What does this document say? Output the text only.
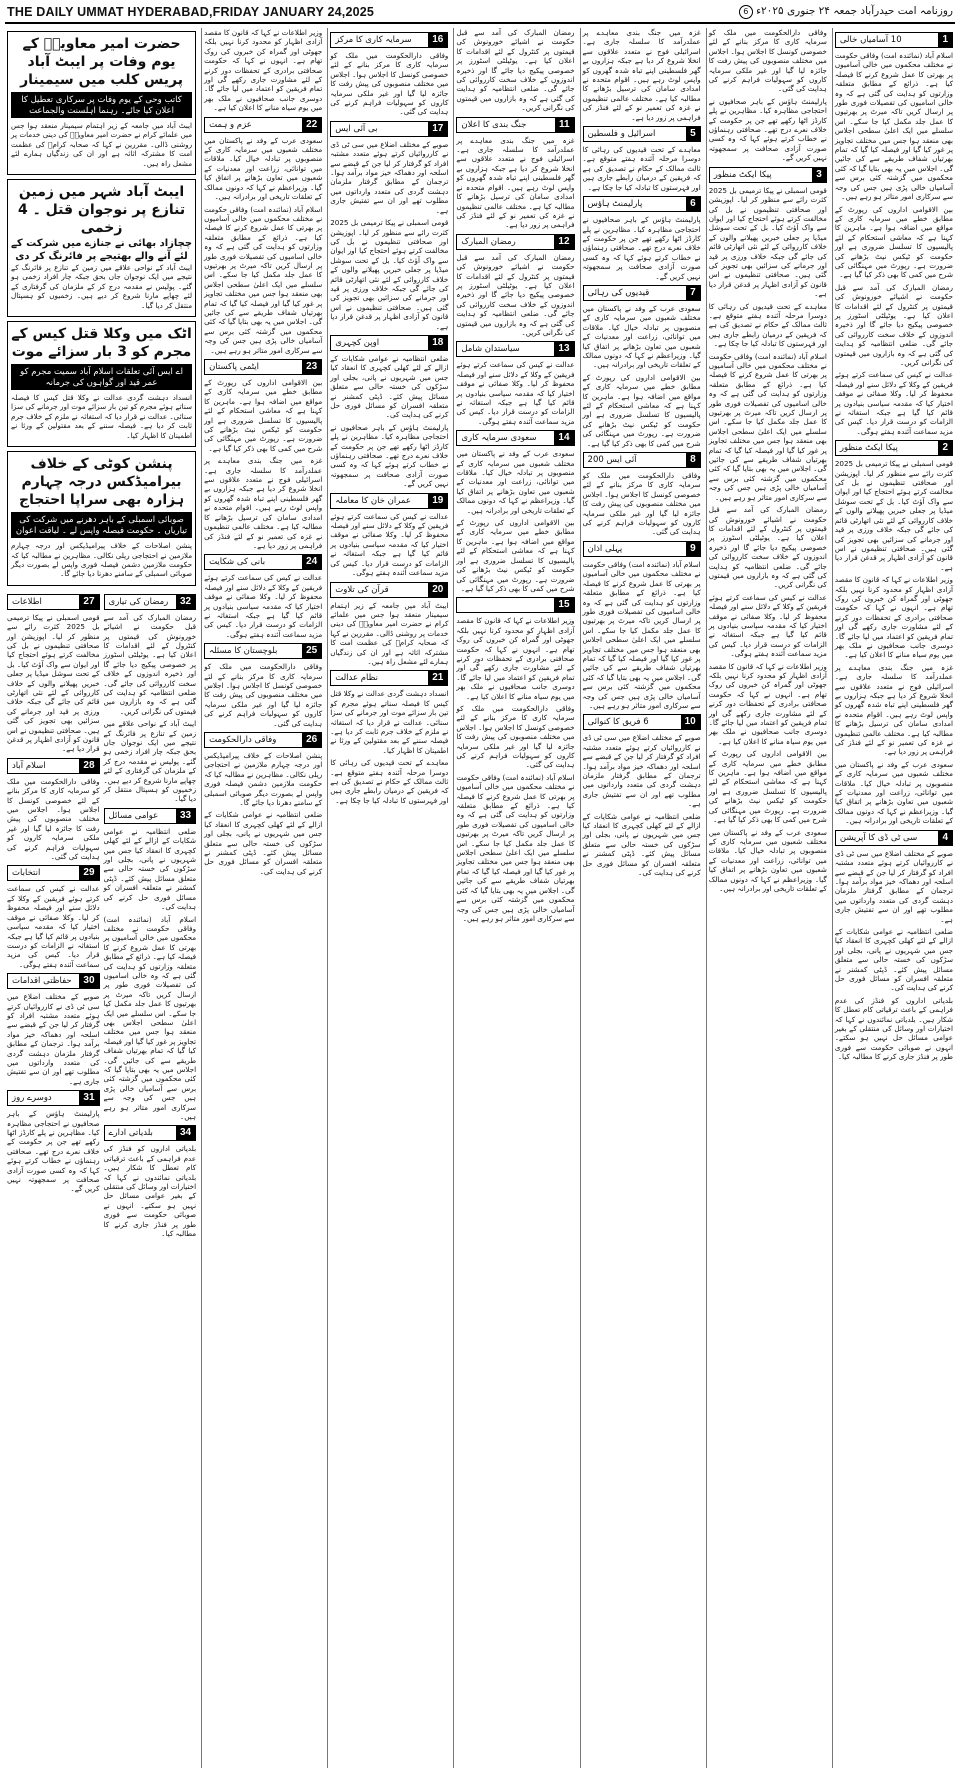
THE DAILY UMMAT HYDERABAD,FRIDAY JANUARY 24,2025	روزنامہ امت حیدرآباد جمعہ ۲۴ جنوری ۲۰۲۵ء 6
1
10 آسامیاں خالی

اسلام آباد (نمائندہ امت) وفاقی حکومت نے مختلف محکموں میں خالی آسامیوں پر بھرتی کا عمل شروع کرنے کا فیصلہ کیا ہے۔ ذرائع کے مطابق متعلقہ وزارتوں کو ہدایت کی گئی ہے کہ وہ خالی اسامیوں کی تفصیلات فوری طور پر ارسال کریں تاکہ میرٹ پر بھرتیوں کا عمل جلد مکمل کیا جا سکے۔ اس سلسلے میں ایک اعلیٰ سطحی اجلاس بھی منعقد ہوا جس میں مختلف تجاویز پر غور کیا گیا اور فیصلہ کیا گیا کہ تمام بھرتیاں شفاف طریقے سے کی جائیں گی۔ اجلاس میں یہ بھی بتایا گیا کہ کئی محکموں میں گزشتہ کئی برس سے آسامیاں خالی پڑی ہیں جس کی وجہ سے سرکاری امور متاثر ہو رہے ہیں۔

بین الاقوامی اداروں کی رپورٹ کے مطابق خطے میں سرمایہ کاری کے مواقع میں اضافہ ہوا ہے۔ ماہرین کا کہنا ہے کہ معاشی استحکام کے لئے پالیسیوں کا تسلسل ضروری ہے اور حکومت کو ٹیکس نیٹ بڑھانے کی ضرورت ہے۔ رپورٹ میں مہنگائی کی شرح میں کمی کا بھی ذکر کیا گیا ہے۔

رمضان المبارک کی آمد سے قبل حکومت نے اشیائے خورونوش کی قیمتوں پر کنٹرول کے لئے اقدامات کا اعلان کیا ہے۔ یوٹیلٹی اسٹورز پر خصوصی پیکیج دیا جائے گا اور ذخیرہ اندوزوں کے خلاف سخت کارروائی کی جائے گی۔ ضلعی انتظامیہ کو ہدایت کی گئی ہے کہ وہ بازاروں میں قیمتوں کی نگرانی کریں۔

عدالت نے کیس کی سماعت کرتے ہوئے فریقین کے وکلا کے دلائل سنے اور فیصلہ محفوظ کر لیا۔ وکلا صفائی نے موقف اختیار کیا کہ مقدمہ سیاسی بنیادوں پر قائم کیا گیا ہے جبکہ استغاثہ نے الزامات کو درست قرار دیا۔ کیس کی مزید سماعت آئندہ ہفتے ہوگی۔

2
پیکا ایکٹ منظور

قومی اسمبلی نے پیکا ترمیمی بل 2025 کثرت رائے سے منظور کر لیا۔ اپوزیشن اور صحافتی تنظیموں نے بل کی مخالفت کرتے ہوئے احتجاج کیا اور ایوان سے واک آؤٹ کیا۔ بل کے تحت سوشل میڈیا پر جعلی خبریں پھیلانے والوں کے خلاف کارروائی کے لئے نئی اتھارٹی قائم کی جائے گی جبکہ خلاف ورزی پر قید اور جرمانے کی سزائیں بھی تجویز کی گئی ہیں۔ صحافتی تنظیموں نے اس قانون کو آزادی اظہار پر قدغن قرار دیا ہے۔

وزیر اطلاعات نے کہا کہ قانون کا مقصد آزادی اظہار کو محدود کرنا نہیں بلکہ جھوٹی اور گمراہ کن خبروں کی روک تھام ہے۔ انہوں نے کہا کہ حکومت صحافتی برادری کے تحفظات دور کرنے کے لئے مشاورت جاری رکھے گی اور تمام فریقین کو اعتماد میں لیا جائے گا۔ دوسری جانب صحافیوں نے ملک بھر میں یوم سیاہ منانے کا اعلان کیا ہے۔

غزہ میں جنگ بندی معاہدے پر عملدرآمد کا سلسلہ جاری ہے۔ اسرائیلی فوج نے متعدد علاقوں سے انخلا شروع کر دیا ہے جبکہ ہزاروں بے گھر فلسطینی اپنے تباہ شدہ گھروں کو واپس لوٹ رہے ہیں۔ اقوام متحدہ نے امدادی سامان کی ترسیل بڑھانے کا مطالبہ کیا ہے۔ مختلف عالمی تنظیموں نے غزہ کی تعمیر نو کے لئے فنڈز کی فراہمی پر زور دیا ہے۔

سعودی عرب کے وفد نے پاکستان میں مختلف شعبوں میں سرمایہ کاری کے منصوبوں پر تبادلہ خیال کیا۔ ملاقات میں توانائی، زراعت اور معدنیات کے شعبوں میں تعاون بڑھانے پر اتفاق کیا گیا۔ وزیراعظم نے کہا کہ دونوں ممالک کے تعلقات تاریخی اور برادرانہ ہیں۔

4
سی ٹی ڈی کا آپریشن

صوبے کے مختلف اضلاع میں سی ٹی ڈی نے کارروائیاں کرتے ہوئے متعدد مشتبہ افراد کو گرفتار کر لیا جن کے قبضے سے اسلحہ اور دھماکہ خیز مواد برآمد ہوا۔ ترجمان کے مطابق گرفتار ملزمان دہشت گردی کی متعدد وارداتوں میں مطلوب تھے اور ان سے تفتیش جاری ہے۔

ضلعی انتظامیہ نے عوامی شکایات کے ازالے کے لئے کھلی کچہری کا انعقاد کیا جس میں شہریوں نے پانی، بجلی اور سڑکوں کی خستہ حالی سے متعلق مسائل پیش کئے۔ ڈپٹی کمشنر نے متعلقہ افسران کو مسائل فوری حل کرنے کی ہدایت کی۔

بلدیاتی اداروں کو فنڈز کی عدم فراہمی کے باعث ترقیاتی کام تعطل کا شکار ہیں۔ بلدیاتی نمائندوں نے کہا کہ اختیارات اور وسائل کی منتقلی کے بغیر عوامی مسائل حل نہیں ہو سکتے۔ انہوں نے صوبائی حکومت سے فوری طور پر فنڈز جاری کرنے کا مطالبہ کیا۔

وفاقی دارالحکومت میں ملک کو سرمایہ کاری کا مرکز بنانے کے لئے خصوصی کونسل کا اجلاس ہوا۔ اجلاس میں مختلف منصوبوں کی پیش رفت کا جائزہ لیا گیا اور غیر ملکی سرمایہ کاروں کو سہولیات فراہم کرنے کی ہدایت کی گئی۔

پارلیمنٹ ہاؤس کے باہر صحافیوں نے احتجاجی مظاہرہ کیا۔ مظاہرین نے پلے کارڈز اٹھا رکھے تھے جن پر حکومت کے خلاف نعرے درج تھے۔ صحافتی رہنماؤں نے خطاب کرتے ہوئے کہا کہ وہ کسی صورت آزادی صحافت پر سمجھوتہ نہیں کریں گے۔

3
پیکا ایکٹ منظور

قومی اسمبلی نے پیکا ترمیمی بل 2025 کثرت رائے سے منظور کر لیا۔ اپوزیشن اور صحافتی تنظیموں نے بل کی مخالفت کرتے ہوئے احتجاج کیا اور ایوان سے واک آؤٹ کیا۔ بل کے تحت سوشل میڈیا پر جعلی خبریں پھیلانے والوں کے خلاف کارروائی کے لئے نئی اتھارٹی قائم کی جائے گی جبکہ خلاف ورزی پر قید اور جرمانے کی سزائیں بھی تجویز کی گئی ہیں۔ صحافتی تنظیموں نے اس قانون کو آزادی اظہار پر قدغن قرار دیا ہے۔

معاہدے کے تحت قیدیوں کی رہائی کا دوسرا مرحلہ آئندہ ہفتے متوقع ہے۔ ثالث ممالک کے حکام نے تصدیق کی ہے کہ فریقین کے درمیان رابطے جاری ہیں اور فہرستوں کا تبادلہ کیا جا چکا ہے۔

اسلام آباد (نمائندہ امت) وفاقی حکومت نے مختلف محکموں میں خالی آسامیوں پر بھرتی کا عمل شروع کرنے کا فیصلہ کیا ہے۔ ذرائع کے مطابق متعلقہ وزارتوں کو ہدایت کی گئی ہے کہ وہ خالی اسامیوں کی تفصیلات فوری طور پر ارسال کریں تاکہ میرٹ پر بھرتیوں کا عمل جلد مکمل کیا جا سکے۔ اس سلسلے میں ایک اعلیٰ سطحی اجلاس بھی منعقد ہوا جس میں مختلف تجاویز پر غور کیا گیا اور فیصلہ کیا گیا کہ تمام بھرتیاں شفاف طریقے سے کی جائیں گی۔ اجلاس میں یہ بھی بتایا گیا کہ کئی محکموں میں گزشتہ کئی برس سے آسامیاں خالی پڑی ہیں جس کی وجہ سے سرکاری امور متاثر ہو رہے ہیں۔

رمضان المبارک کی آمد سے قبل حکومت نے اشیائے خورونوش کی قیمتوں پر کنٹرول کے لئے اقدامات کا اعلان کیا ہے۔ یوٹیلٹی اسٹورز پر خصوصی پیکیج دیا جائے گا اور ذخیرہ اندوزوں کے خلاف سخت کارروائی کی جائے گی۔ ضلعی انتظامیہ کو ہدایت کی گئی ہے کہ وہ بازاروں میں قیمتوں کی نگرانی کریں۔

عدالت نے کیس کی سماعت کرتے ہوئے فریقین کے وکلا کے دلائل سنے اور فیصلہ محفوظ کر لیا۔ وکلا صفائی نے موقف اختیار کیا کہ مقدمہ سیاسی بنیادوں پر قائم کیا گیا ہے جبکہ استغاثہ نے الزامات کو درست قرار دیا۔ کیس کی مزید سماعت آئندہ ہفتے ہوگی۔

وزیر اطلاعات نے کہا کہ قانون کا مقصد آزادی اظہار کو محدود کرنا نہیں بلکہ جھوٹی اور گمراہ کن خبروں کی روک تھام ہے۔ انہوں نے کہا کہ حکومت صحافتی برادری کے تحفظات دور کرنے کے لئے مشاورت جاری رکھے گی اور تمام فریقین کو اعتماد میں لیا جائے گا۔ دوسری جانب صحافیوں نے ملک بھر میں یوم سیاہ منانے کا اعلان کیا ہے۔

بین الاقوامی اداروں کی رپورٹ کے مطابق خطے میں سرمایہ کاری کے مواقع میں اضافہ ہوا ہے۔ ماہرین کا کہنا ہے کہ معاشی استحکام کے لئے پالیسیوں کا تسلسل ضروری ہے اور حکومت کو ٹیکس نیٹ بڑھانے کی ضرورت ہے۔ رپورٹ میں مہنگائی کی شرح میں کمی کا بھی ذکر کیا گیا ہے۔

سعودی عرب کے وفد نے پاکستان میں مختلف شعبوں میں سرمایہ کاری کے منصوبوں پر تبادلہ خیال کیا۔ ملاقات میں توانائی، زراعت اور معدنیات کے شعبوں میں تعاون بڑھانے پر اتفاق کیا گیا۔ وزیراعظم نے کہا کہ دونوں ممالک کے تعلقات تاریخی اور برادرانہ ہیں۔

غزہ میں جنگ بندی معاہدے پر عملدرآمد کا سلسلہ جاری ہے۔ اسرائیلی فوج نے متعدد علاقوں سے انخلا شروع کر دیا ہے جبکہ ہزاروں بے گھر فلسطینی اپنے تباہ شدہ گھروں کو واپس لوٹ رہے ہیں۔ اقوام متحدہ نے امدادی سامان کی ترسیل بڑھانے کا مطالبہ کیا ہے۔ مختلف عالمی تنظیموں نے غزہ کی تعمیر نو کے لئے فنڈز کی فراہمی پر زور دیا ہے۔

5
اسرائیل و فلسطین

معاہدے کے تحت قیدیوں کی رہائی کا دوسرا مرحلہ آئندہ ہفتے متوقع ہے۔ ثالث ممالک کے حکام نے تصدیق کی ہے کہ فریقین کے درمیان رابطے جاری ہیں اور فہرستوں کا تبادلہ کیا جا چکا ہے۔

6
پارلیمنٹ ہاؤس

پارلیمنٹ ہاؤس کے باہر صحافیوں نے احتجاجی مظاہرہ کیا۔ مظاہرین نے پلے کارڈز اٹھا رکھے تھے جن پر حکومت کے خلاف نعرے درج تھے۔ صحافتی رہنماؤں نے خطاب کرتے ہوئے کہا کہ وہ کسی صورت آزادی صحافت پر سمجھوتہ نہیں کریں گے۔

7
قیدیوں کی رہائی

سعودی عرب کے وفد نے پاکستان میں مختلف شعبوں میں سرمایہ کاری کے منصوبوں پر تبادلہ خیال کیا۔ ملاقات میں توانائی، زراعت اور معدنیات کے شعبوں میں تعاون بڑھانے پر اتفاق کیا گیا۔ وزیراعظم نے کہا کہ دونوں ممالک کے تعلقات تاریخی اور برادرانہ ہیں۔

بین الاقوامی اداروں کی رپورٹ کے مطابق خطے میں سرمایہ کاری کے مواقع میں اضافہ ہوا ہے۔ ماہرین کا کہنا ہے کہ معاشی استحکام کے لئے پالیسیوں کا تسلسل ضروری ہے اور حکومت کو ٹیکس نیٹ بڑھانے کی ضرورت ہے۔ رپورٹ میں مہنگائی کی شرح میں کمی کا بھی ذکر کیا گیا ہے۔

8
آئی ایس 200

وفاقی دارالحکومت میں ملک کو سرمایہ کاری کا مرکز بنانے کے لئے خصوصی کونسل کا اجلاس ہوا۔ اجلاس میں مختلف منصوبوں کی پیش رفت کا جائزہ لیا گیا اور غیر ملکی سرمایہ کاروں کو سہولیات فراہم کرنے کی ہدایت کی گئی۔

9
پہلی اذان

اسلام آباد (نمائندہ امت) وفاقی حکومت نے مختلف محکموں میں خالی آسامیوں پر بھرتی کا عمل شروع کرنے کا فیصلہ کیا ہے۔ ذرائع کے مطابق متعلقہ وزارتوں کو ہدایت کی گئی ہے کہ وہ خالی اسامیوں کی تفصیلات فوری طور پر ارسال کریں تاکہ میرٹ پر بھرتیوں کا عمل جلد مکمل کیا جا سکے۔ اس سلسلے میں ایک اعلیٰ سطحی اجلاس بھی منعقد ہوا جس میں مختلف تجاویز پر غور کیا گیا اور فیصلہ کیا گیا کہ تمام بھرتیاں شفاف طریقے سے کی جائیں گی۔ اجلاس میں یہ بھی بتایا گیا کہ کئی محکموں میں گزشتہ کئی برس سے آسامیاں خالی پڑی ہیں جس کی وجہ سے سرکاری امور متاثر ہو رہے ہیں۔

10
6 فریق کا کنوائی

صوبے کے مختلف اضلاع میں سی ٹی ڈی نے کارروائیاں کرتے ہوئے متعدد مشتبہ افراد کو گرفتار کر لیا جن کے قبضے سے اسلحہ اور دھماکہ خیز مواد برآمد ہوا۔ ترجمان کے مطابق گرفتار ملزمان دہشت گردی کی متعدد وارداتوں میں مطلوب تھے اور ان سے تفتیش جاری ہے۔

ضلعی انتظامیہ نے عوامی شکایات کے ازالے کے لئے کھلی کچہری کا انعقاد کیا جس میں شہریوں نے پانی، بجلی اور سڑکوں کی خستہ حالی سے متعلق مسائل پیش کئے۔ ڈپٹی کمشنر نے متعلقہ افسران کو مسائل فوری حل کرنے کی ہدایت کی۔

رمضان المبارک کی آمد سے قبل حکومت نے اشیائے خورونوش کی قیمتوں پر کنٹرول کے لئے اقدامات کا اعلان کیا ہے۔ یوٹیلٹی اسٹورز پر خصوصی پیکیج دیا جائے گا اور ذخیرہ اندوزوں کے خلاف سخت کارروائی کی جائے گی۔ ضلعی انتظامیہ کو ہدایت کی گئی ہے کہ وہ بازاروں میں قیمتوں کی نگرانی کریں۔

11
جنگ بندی کا اعلان

غزہ میں جنگ بندی معاہدے پر عملدرآمد کا سلسلہ جاری ہے۔ اسرائیلی فوج نے متعدد علاقوں سے انخلا شروع کر دیا ہے جبکہ ہزاروں بے گھر فلسطینی اپنے تباہ شدہ گھروں کو واپس لوٹ رہے ہیں۔ اقوام متحدہ نے امدادی سامان کی ترسیل بڑھانے کا مطالبہ کیا ہے۔ مختلف عالمی تنظیموں نے غزہ کی تعمیر نو کے لئے فنڈز کی فراہمی پر زور دیا ہے۔

12
رمضان المبارک

رمضان المبارک کی آمد سے قبل حکومت نے اشیائے خورونوش کی قیمتوں پر کنٹرول کے لئے اقدامات کا اعلان کیا ہے۔ یوٹیلٹی اسٹورز پر خصوصی پیکیج دیا جائے گا اور ذخیرہ اندوزوں کے خلاف سخت کارروائی کی جائے گی۔ ضلعی انتظامیہ کو ہدایت کی گئی ہے کہ وہ بازاروں میں قیمتوں کی نگرانی کریں۔

13
سیاستدان شامل

عدالت نے کیس کی سماعت کرتے ہوئے فریقین کے وکلا کے دلائل سنے اور فیصلہ محفوظ کر لیا۔ وکلا صفائی نے موقف اختیار کیا کہ مقدمہ سیاسی بنیادوں پر قائم کیا گیا ہے جبکہ استغاثہ نے الزامات کو درست قرار دیا۔ کیس کی مزید سماعت آئندہ ہفتے ہوگی۔

14
سعودی سرمایہ کاری

سعودی عرب کے وفد نے پاکستان میں مختلف شعبوں میں سرمایہ کاری کے منصوبوں پر تبادلہ خیال کیا۔ ملاقات میں توانائی، زراعت اور معدنیات کے شعبوں میں تعاون بڑھانے پر اتفاق کیا گیا۔ وزیراعظم نے کہا کہ دونوں ممالک کے تعلقات تاریخی اور برادرانہ ہیں۔

بین الاقوامی اداروں کی رپورٹ کے مطابق خطے میں سرمایہ کاری کے مواقع میں اضافہ ہوا ہے۔ ماہرین کا کہنا ہے کہ معاشی استحکام کے لئے پالیسیوں کا تسلسل ضروری ہے اور حکومت کو ٹیکس نیٹ بڑھانے کی ضرورت ہے۔ رپورٹ میں مہنگائی کی شرح میں کمی کا بھی ذکر کیا گیا ہے۔

15

وزیر اطلاعات نے کہا کہ قانون کا مقصد آزادی اظہار کو محدود کرنا نہیں بلکہ جھوٹی اور گمراہ کن خبروں کی روک تھام ہے۔ انہوں نے کہا کہ حکومت صحافتی برادری کے تحفظات دور کرنے کے لئے مشاورت جاری رکھے گی اور تمام فریقین کو اعتماد میں لیا جائے گا۔ دوسری جانب صحافیوں نے ملک بھر میں یوم سیاہ منانے کا اعلان کیا ہے۔

وفاقی دارالحکومت میں ملک کو سرمایہ کاری کا مرکز بنانے کے لئے خصوصی کونسل کا اجلاس ہوا۔ اجلاس میں مختلف منصوبوں کی پیش رفت کا جائزہ لیا گیا اور غیر ملکی سرمایہ کاروں کو سہولیات فراہم کرنے کی ہدایت کی گئی۔

اسلام آباد (نمائندہ امت) وفاقی حکومت نے مختلف محکموں میں خالی آسامیوں پر بھرتی کا عمل شروع کرنے کا فیصلہ کیا ہے۔ ذرائع کے مطابق متعلقہ وزارتوں کو ہدایت کی گئی ہے کہ وہ خالی اسامیوں کی تفصیلات فوری طور پر ارسال کریں تاکہ میرٹ پر بھرتیوں کا عمل جلد مکمل کیا جا سکے۔ اس سلسلے میں ایک اعلیٰ سطحی اجلاس بھی منعقد ہوا جس میں مختلف تجاویز پر غور کیا گیا اور فیصلہ کیا گیا کہ تمام بھرتیاں شفاف طریقے سے کی جائیں گی۔ اجلاس میں یہ بھی بتایا گیا کہ کئی محکموں میں گزشتہ کئی برس سے آسامیاں خالی پڑی ہیں جس کی وجہ سے سرکاری امور متاثر ہو رہے ہیں۔

16
سرمایہ کاری کا مرکز

وفاقی دارالحکومت میں ملک کو سرمایہ کاری کا مرکز بنانے کے لئے خصوصی کونسل کا اجلاس ہوا۔ اجلاس میں مختلف منصوبوں کی پیش رفت کا جائزہ لیا گیا اور غیر ملکی سرمایہ کاروں کو سہولیات فراہم کرنے کی ہدایت کی گئی۔

17
بی آئی ایس

صوبے کے مختلف اضلاع میں سی ٹی ڈی نے کارروائیاں کرتے ہوئے متعدد مشتبہ افراد کو گرفتار کر لیا جن کے قبضے سے اسلحہ اور دھماکہ خیز مواد برآمد ہوا۔ ترجمان کے مطابق گرفتار ملزمان دہشت گردی کی متعدد وارداتوں میں مطلوب تھے اور ان سے تفتیش جاری ہے۔

قومی اسمبلی نے پیکا ترمیمی بل 2025 کثرت رائے سے منظور کر لیا۔ اپوزیشن اور صحافتی تنظیموں نے بل کی مخالفت کرتے ہوئے احتجاج کیا اور ایوان سے واک آؤٹ کیا۔ بل کے تحت سوشل میڈیا پر جعلی خبریں پھیلانے والوں کے خلاف کارروائی کے لئے نئی اتھارٹی قائم کی جائے گی جبکہ خلاف ورزی پر قید اور جرمانے کی سزائیں بھی تجویز کی گئی ہیں۔ صحافتی تنظیموں نے اس قانون کو آزادی اظہار پر قدغن قرار دیا ہے۔

18
اوپن کچہری

ضلعی انتظامیہ نے عوامی شکایات کے ازالے کے لئے کھلی کچہری کا انعقاد کیا جس میں شہریوں نے پانی، بجلی اور سڑکوں کی خستہ حالی سے متعلق مسائل پیش کئے۔ ڈپٹی کمشنر نے متعلقہ افسران کو مسائل فوری حل کرنے کی ہدایت کی۔

پارلیمنٹ ہاؤس کے باہر صحافیوں نے احتجاجی مظاہرہ کیا۔ مظاہرین نے پلے کارڈز اٹھا رکھے تھے جن پر حکومت کے خلاف نعرے درج تھے۔ صحافتی رہنماؤں نے خطاب کرتے ہوئے کہا کہ وہ کسی صورت آزادی صحافت پر سمجھوتہ نہیں کریں گے۔

19
عمران خان کا معاملہ

عدالت نے کیس کی سماعت کرتے ہوئے فریقین کے وکلا کے دلائل سنے اور فیصلہ محفوظ کر لیا۔ وکلا صفائی نے موقف اختیار کیا کہ مقدمہ سیاسی بنیادوں پر قائم کیا گیا ہے جبکہ استغاثہ نے الزامات کو درست قرار دیا۔ کیس کی مزید سماعت آئندہ ہفتے ہوگی۔

20
قرآن کی تلاوت

ایبٹ آباد میں جامعہ کے زیر اہتمام سیمینار منعقد ہوا جس میں علمائے کرام نے حضرت امیر معاویہؓ کی دینی خدمات پر روشنی ڈالی۔ مقررین نے کہا کہ صحابہ کرامؓ کی عظمت امت کا مشترکہ اثاثہ ہے اور ان کی زندگیاں ہمارے لئے مشعل راہ ہیں۔

21
نظام عدالت

انسداد دہشت گردی عدالت نے وکلا قتل کیس کا فیصلہ سناتے ہوئے مجرم کو تین بار سزائے موت اور جرمانے کی سزا سنائی۔ عدالت نے قرار دیا کہ استغاثہ نے ملزم کے خلاف جرم ثابت کر دیا ہے۔ فیصلہ سننے کے بعد مقتولین کے ورثا نے اطمینان کا اظہار کیا۔

معاہدے کے تحت قیدیوں کی رہائی کا دوسرا مرحلہ آئندہ ہفتے متوقع ہے۔ ثالث ممالک کے حکام نے تصدیق کی ہے کہ فریقین کے درمیان رابطے جاری ہیں اور فہرستوں کا تبادلہ کیا جا چکا ہے۔

وزیر اطلاعات نے کہا کہ قانون کا مقصد آزادی اظہار کو محدود کرنا نہیں بلکہ جھوٹی اور گمراہ کن خبروں کی روک تھام ہے۔ انہوں نے کہا کہ حکومت صحافتی برادری کے تحفظات دور کرنے کے لئے مشاورت جاری رکھے گی اور تمام فریقین کو اعتماد میں لیا جائے گا۔ دوسری جانب صحافیوں نے ملک بھر میں یوم سیاہ منانے کا اعلان کیا ہے۔

22
عزم و ہمت

سعودی عرب کے وفد نے پاکستان میں مختلف شعبوں میں سرمایہ کاری کے منصوبوں پر تبادلہ خیال کیا۔ ملاقات میں توانائی، زراعت اور معدنیات کے شعبوں میں تعاون بڑھانے پر اتفاق کیا گیا۔ وزیراعظم نے کہا کہ دونوں ممالک کے تعلقات تاریخی اور برادرانہ ہیں۔

اسلام آباد (نمائندہ امت) وفاقی حکومت نے مختلف محکموں میں خالی آسامیوں پر بھرتی کا عمل شروع کرنے کا فیصلہ کیا ہے۔ ذرائع کے مطابق متعلقہ وزارتوں کو ہدایت کی گئی ہے کہ وہ خالی اسامیوں کی تفصیلات فوری طور پر ارسال کریں تاکہ میرٹ پر بھرتیوں کا عمل جلد مکمل کیا جا سکے۔ اس سلسلے میں ایک اعلیٰ سطحی اجلاس بھی منعقد ہوا جس میں مختلف تجاویز پر غور کیا گیا اور فیصلہ کیا گیا کہ تمام بھرتیاں شفاف طریقے سے کی جائیں گی۔ اجلاس میں یہ بھی بتایا گیا کہ کئی محکموں میں گزشتہ کئی برس سے آسامیاں خالی پڑی ہیں جس کی وجہ سے سرکاری امور متاثر ہو رہے ہیں۔

23
ایٹمی پاکستان

بین الاقوامی اداروں کی رپورٹ کے مطابق خطے میں سرمایہ کاری کے مواقع میں اضافہ ہوا ہے۔ ماہرین کا کہنا ہے کہ معاشی استحکام کے لئے پالیسیوں کا تسلسل ضروری ہے اور حکومت کو ٹیکس نیٹ بڑھانے کی ضرورت ہے۔ رپورٹ میں مہنگائی کی شرح میں کمی کا بھی ذکر کیا گیا ہے۔

غزہ میں جنگ بندی معاہدے پر عملدرآمد کا سلسلہ جاری ہے۔ اسرائیلی فوج نے متعدد علاقوں سے انخلا شروع کر دیا ہے جبکہ ہزاروں بے گھر فلسطینی اپنے تباہ شدہ گھروں کو واپس لوٹ رہے ہیں۔ اقوام متحدہ نے امدادی سامان کی ترسیل بڑھانے کا مطالبہ کیا ہے۔ مختلف عالمی تنظیموں نے غزہ کی تعمیر نو کے لئے فنڈز کی فراہمی پر زور دیا ہے۔

24
بانی کی شکایت

عدالت نے کیس کی سماعت کرتے ہوئے فریقین کے وکلا کے دلائل سنے اور فیصلہ محفوظ کر لیا۔ وکلا صفائی نے موقف اختیار کیا کہ مقدمہ سیاسی بنیادوں پر قائم کیا گیا ہے جبکہ استغاثہ نے الزامات کو درست قرار دیا۔ کیس کی مزید سماعت آئندہ ہفتے ہوگی۔

25
بلوچستان کا مسئلہ

وفاقی دارالحکومت میں ملک کو سرمایہ کاری کا مرکز بنانے کے لئے خصوصی کونسل کا اجلاس ہوا۔ اجلاس میں مختلف منصوبوں کی پیش رفت کا جائزہ لیا گیا اور غیر ملکی سرمایہ کاروں کو سہولیات فراہم کرنے کی ہدایت کی گئی۔

26
وفاقی دارالحکومت

پنشن اصلاحات کے خلاف پیرامیڈیکس اور درجہ چہارم ملازمین نے احتجاجی ریلی نکالی۔ مظاہرین نے مطالبہ کیا کہ حکومت ملازمین دشمن فیصلہ فوری واپس لے بصورت دیگر صوبائی اسمبلی کے سامنے دھرنا دیا جائے گا۔

ضلعی انتظامیہ نے عوامی شکایات کے ازالے کے لئے کھلی کچہری کا انعقاد کیا جس میں شہریوں نے پانی، بجلی اور سڑکوں کی خستہ حالی سے متعلق مسائل پیش کئے۔ ڈپٹی کمشنر نے متعلقہ افسران کو مسائل فوری حل کرنے کی ہدایت کی۔

حضرت امیر معاویہؓ کے یوم وفات پر ایبٹ آباد پریس کلب میں سیمینار
کاتب وحی کے یوم وفات پر سرکاری تعطیل کا اعلان کیا جائے۔ رہنما اہلسنت والجماعت

ایبٹ آباد میں جامعہ کے زیر اہتمام سیمینار منعقد ہوا جس میں علمائے کرام نے حضرت امیر معاویہؓ کی دینی خدمات پر روشنی ڈالی۔ مقررین نے کہا کہ صحابہ کرامؓ کی عظمت امت کا مشترکہ اثاثہ ہے اور ان کی زندگیاں ہمارے لئے مشعل راہ ہیں۔

ایبٹ آباد شہر میں زمین تنازع پر نوجوان قتل ۔ 4 زخمی
چچازاد بھائی نے جنازے میں شرکت کے لئے آنے والے بھتیجے پر فائرنگ کر دی

ایبٹ آباد کے نواحی علاقے میں زمین کے تنازع پر فائرنگ کے نتیجے میں ایک نوجوان جاں بحق جبکہ چار افراد زخمی ہو گئے۔ پولیس نے مقدمہ درج کر کے ملزمان کی گرفتاری کے لئے چھاپے مارنا شروع کر دیے ہیں۔ زخمیوں کو ہسپتال منتقل کر دیا گیا۔

اٹک میں وکلا قتل کیس کے مجرم کو 3 بار سزائے موت
اے ایس آئی تعلقات اسلام آباد سمیت مجرم کو عمر قید اور گواہوں کی جرمانہ

انسداد دہشت گردی عدالت نے وکلا قتل کیس کا فیصلہ سناتے ہوئے مجرم کو تین بار سزائے موت اور جرمانے کی سزا سنائی۔ عدالت نے قرار دیا کہ استغاثہ نے ملزم کے خلاف جرم ثابت کر دیا ہے۔ فیصلہ سننے کے بعد مقتولین کے ورثا نے اطمینان کا اظہار کیا۔

پنشن کوٹی کے خلاف بیرامیڈکس درجہ چہارم ہزارہ بھی سراپا احتجاج
صوبائی اسمبلی کے باہر دھرنے میں شرکت کی تیاریاں ۔ حکومت فیصلہ واپس لے ۔ لیاقت اعوان

پنشن اصلاحات کے خلاف پیرامیڈیکس اور درجہ چہارم ملازمین نے احتجاجی ریلی نکالی۔ مظاہرین نے مطالبہ کیا کہ حکومت ملازمین دشمن فیصلہ فوری واپس لے بصورت دیگر صوبائی اسمبلی کے سامنے دھرنا دیا جائے گا۔

27
اطلاعات

قومی اسمبلی نے پیکا ترمیمی بل 2025 کثرت رائے سے منظور کر لیا۔ اپوزیشن اور صحافتی تنظیموں نے بل کی مخالفت کرتے ہوئے احتجاج کیا اور ایوان سے واک آؤٹ کیا۔ بل کے تحت سوشل میڈیا پر جعلی خبریں پھیلانے والوں کے خلاف کارروائی کے لئے نئی اتھارٹی قائم کی جائے گی جبکہ خلاف ورزی پر قید اور جرمانے کی سزائیں بھی تجویز کی گئی ہیں۔ صحافتی تنظیموں نے اس قانون کو آزادی اظہار پر قدغن قرار دیا ہے۔

28
اسلام آباد

وفاقی دارالحکومت میں ملک کو سرمایہ کاری کا مرکز بنانے کے لئے خصوصی کونسل کا اجلاس ہوا۔ اجلاس میں مختلف منصوبوں کی پیش رفت کا جائزہ لیا گیا اور غیر ملکی سرمایہ کاروں کو سہولیات فراہم کرنے کی ہدایت کی گئی۔

29
انتخابات

عدالت نے کیس کی سماعت کرتے ہوئے فریقین کے وکلا کے دلائل سنے اور فیصلہ محفوظ کر لیا۔ وکلا صفائی نے موقف اختیار کیا کہ مقدمہ سیاسی بنیادوں پر قائم کیا گیا ہے جبکہ استغاثہ نے الزامات کو درست قرار دیا۔ کیس کی مزید سماعت آئندہ ہفتے ہوگی۔

30
حفاظتی اقدامات

صوبے کے مختلف اضلاع میں سی ٹی ڈی نے کارروائیاں کرتے ہوئے متعدد مشتبہ افراد کو گرفتار کر لیا جن کے قبضے سے اسلحہ اور دھماکہ خیز مواد برآمد ہوا۔ ترجمان کے مطابق گرفتار ملزمان دہشت گردی کی متعدد وارداتوں میں مطلوب تھے اور ان سے تفتیش جاری ہے۔

31
دوسرے روز

پارلیمنٹ ہاؤس کے باہر صحافیوں نے احتجاجی مظاہرہ کیا۔ مظاہرین نے پلے کارڈز اٹھا رکھے تھے جن پر حکومت کے خلاف نعرے درج تھے۔ صحافتی رہنماؤں نے خطاب کرتے ہوئے کہا کہ وہ کسی صورت آزادی صحافت پر سمجھوتہ نہیں کریں گے۔

32
رمضان کی تیاری

رمضان المبارک کی آمد سے قبل حکومت نے اشیائے خورونوش کی قیمتوں پر کنٹرول کے لئے اقدامات کا اعلان کیا ہے۔ یوٹیلٹی اسٹورز پر خصوصی پیکیج دیا جائے گا اور ذخیرہ اندوزوں کے خلاف سخت کارروائی کی جائے گی۔ ضلعی انتظامیہ کو ہدایت کی گئی ہے کہ وہ بازاروں میں قیمتوں کی نگرانی کریں۔

ایبٹ آباد کے نواحی علاقے میں زمین کے تنازع پر فائرنگ کے نتیجے میں ایک نوجوان جاں بحق جبکہ چار افراد زخمی ہو گئے۔ پولیس نے مقدمہ درج کر کے ملزمان کی گرفتاری کے لئے چھاپے مارنا شروع کر دیے ہیں۔ زخمیوں کو ہسپتال منتقل کر دیا گیا۔

33
عوامی مسائل

ضلعی انتظامیہ نے عوامی شکایات کے ازالے کے لئے کھلی کچہری کا انعقاد کیا جس میں شہریوں نے پانی، بجلی اور سڑکوں کی خستہ حالی سے متعلق مسائل پیش کئے۔ ڈپٹی کمشنر نے متعلقہ افسران کو مسائل فوری حل کرنے کی ہدایت کی۔

اسلام آباد (نمائندہ امت) وفاقی حکومت نے مختلف محکموں میں خالی آسامیوں پر بھرتی کا عمل شروع کرنے کا فیصلہ کیا ہے۔ ذرائع کے مطابق متعلقہ وزارتوں کو ہدایت کی گئی ہے کہ وہ خالی اسامیوں کی تفصیلات فوری طور پر ارسال کریں تاکہ میرٹ پر بھرتیوں کا عمل جلد مکمل کیا جا سکے۔ اس سلسلے میں ایک اعلیٰ سطحی اجلاس بھی منعقد ہوا جس میں مختلف تجاویز پر غور کیا گیا اور فیصلہ کیا گیا کہ تمام بھرتیاں شفاف طریقے سے کی جائیں گی۔ اجلاس میں یہ بھی بتایا گیا کہ کئی محکموں میں گزشتہ کئی برس سے آسامیاں خالی پڑی ہیں جس کی وجہ سے سرکاری امور متاثر ہو رہے ہیں۔

34
بلدیاتی ادارے

بلدیاتی اداروں کو فنڈز کی عدم فراہمی کے باعث ترقیاتی کام تعطل کا شکار ہیں۔ بلدیاتی نمائندوں نے کہا کہ اختیارات اور وسائل کی منتقلی کے بغیر عوامی مسائل حل نہیں ہو سکتے۔ انہوں نے صوبائی حکومت سے فوری طور پر فنڈز جاری کرنے کا مطالبہ کیا۔
